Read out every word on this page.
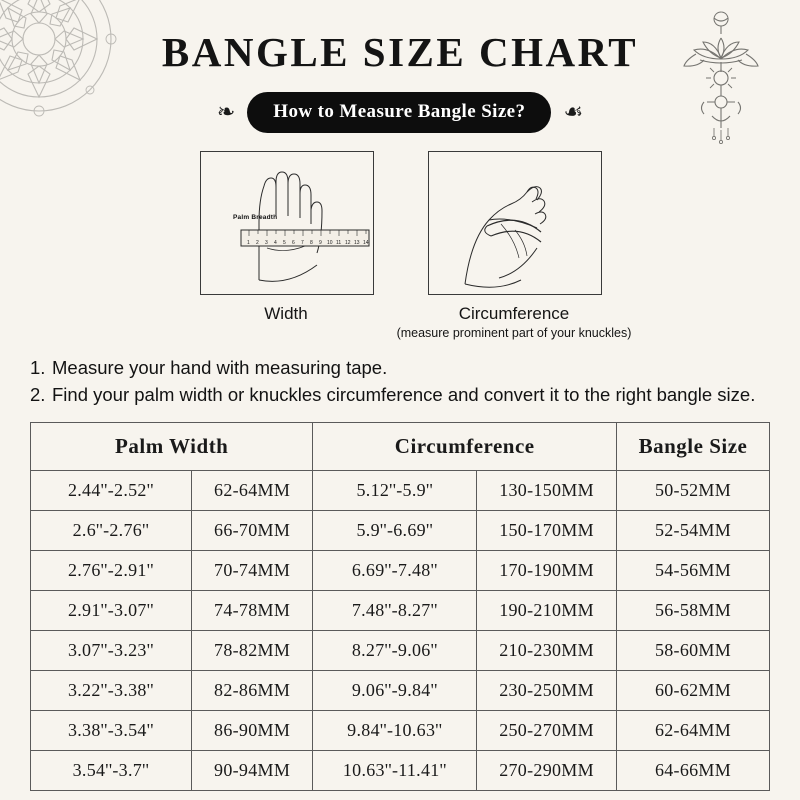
BANGLE SIZE CHART
❧	How to Measure Bangle Size?	☙
1 2 3 4 5 6 7 8 9 10 11 12 13 14
Palm Breadth
Width	Circumference
(measure prominent part of your knuckles)
1. Measure your hand with measuring tape.
2. Find your palm width or knuckles circumference and convert it to the right bangle size.
Palm Width		Circumference		Bangle Size
2.44''-2.52''	62-64MM	5.12''-5.9''	130-150MM	50-52MM
2.6''-2.76''	66-70MM	5.9''-6.69''	150-170MM	52-54MM
2.76''-2.91''	70-74MM	6.69''-7.48''	170-190MM	54-56MM
2.91''-3.07''	74-78MM	7.48''-8.27''	190-210MM	56-58MM
3.07''-3.23''	78-82MM	8.27''-9.06''	210-230MM	58-60MM
3.22''-3.38''	82-86MM	9.06''-9.84''	230-250MM	60-62MM
3.38''-3.54''	86-90MM	9.84''-10.63''	250-270MM	62-64MM
3.54''-3.7''	90-94MM	10.63''-11.41''	270-290MM	64-66MM
